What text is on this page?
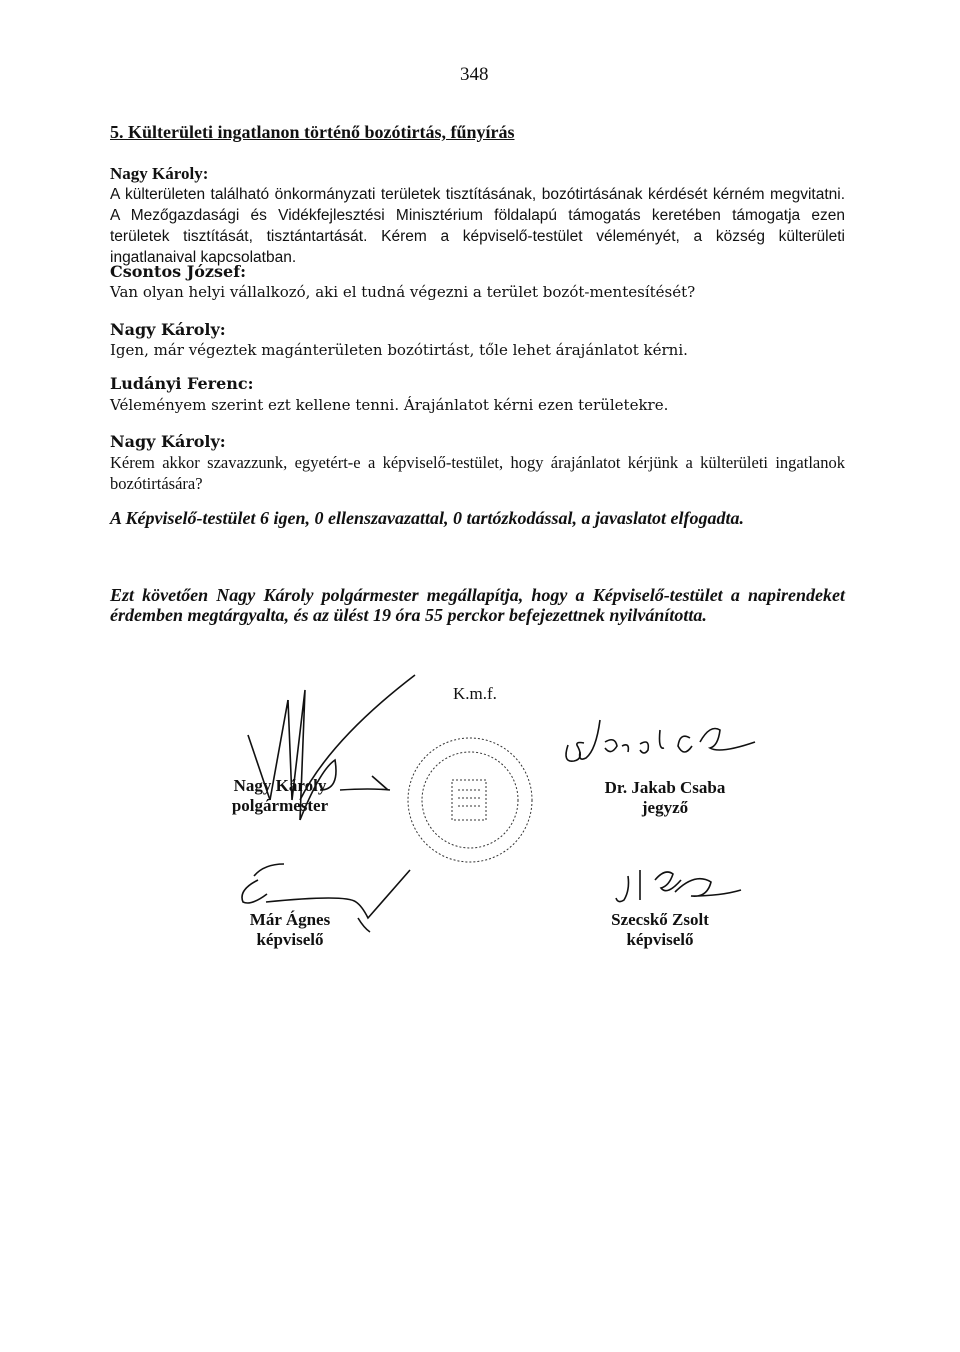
348
5. Külterületi ingatlanon történő bozótirtás, fűnyírás
Nagy Károly:
A külterületen található önkormányzati területek tisztításának, bozótirtásának kérdését kérném megvitatni. A Mezőgazdasági és Vidékfejlesztési Minisztérium földalapú támogatás keretében támogatja ezen területek tisztítását, tisztántartását. Kérem a képviselő-testület véleményét, a község külterületi ingatlanaival kapcsolatban.
Csontos József:
Van olyan helyi vállalkozó, aki el tudná végezni a terület bozót-mentesítését?
Nagy Károly:
Igen, már végeztek magánterületen bozótirtást, tőle lehet árajánlatot kérni.
Ludányi Ferenc:
Véleményem szerint ezt kellene tenni. Árajánlatot kérni ezen területekre.
Nagy Károly:
Kérem akkor szavazzunk, egyetért-e a képviselő-testület, hogy árajánlatot kérjünk a külterületi ingatlanok bozótirtására?
A Képviselő-testület 6 igen, 0 ellenszavazattal, 0 tartózkodással, a javaslatot elfogadta.
Ezt követően Nagy Károly polgármester megállapítja, hogy a Képviselő-testület a napirendeket érdemben megtárgyalta, és az ülést 19 óra 55 perckor befejezettnek nyilvánította.
K.m.f.
Nagy Károly
polgármester
Dr. Jakab Csaba
jegyző
Már Ágnes
képviselő
Szecskő Zsolt
képviselő
